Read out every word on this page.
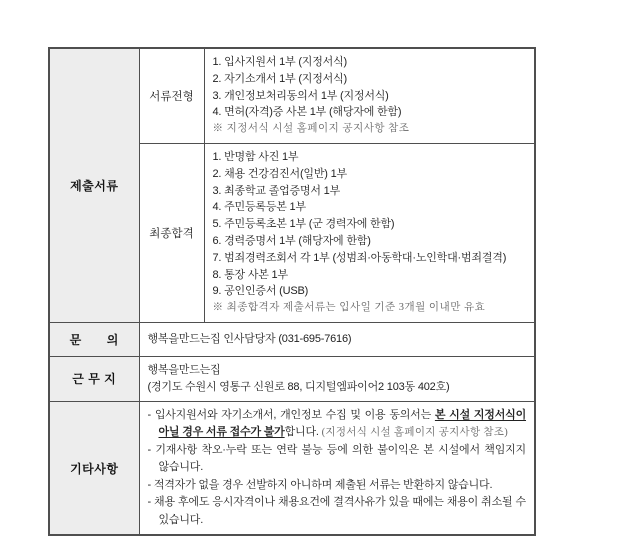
제출서류	서류전형	1. 입사지원서 1부 (지정서식)
2. 자기소개서 1부 (지정서식)
3. 개인정보처리동의서 1부 (지정서식)
4. 면허(자격)증 사본 1부 (해당자에 한함)
※ 지정서식 시설 홈페이지 공지사항 참조

최종합격	
1. 반명함 사진 1부
2. 채용 건강검진서(일반) 1부
3. 최종학교 졸업증명서 1부
4. 주민등록등본 1부
5. 주민등록초본 1부 (군 경력자에 한함)
6. 경력증명서 1부 (해당자에 한함)
7. 범죄경력조회서 각 1부 (성범죄·아동학대·노인학대·범죄결격)
8. 통장 사본 1부
9. 공인인증서 (USB)
※ 최종합격자 제출서류는 입사일 기준 3개월 이내만 유효

문　　의	행복을만드는집 인사담당자 (031-695-7616)	

근 무 지	행복을만드는집
(경기도 수원시 영통구 신원로 88, 디지털엠파이어2 103동 402호)	

기타사항	- 입사지원서와 자기소개서, 개인정보 수집 및 이용 동의서는 본 시설 지정서식이 아닐 경우 서류 접수가 불가합니다. (지정서식 시설 홈페이지 공지사항 참조)

- 기재사항 착오·누락 또는 연락 불능 등에 의한 불이익은 본 시설에서 책임지지 않습니다.

- 적격자가 없을 경우 선발하지 아니하며 제출된 서류는 반환하지 않습니다.

- 채용 후에도 응시자격이나 채용요건에 결격사유가 있을 때에는 채용이 취소될 수 있습니다.	
